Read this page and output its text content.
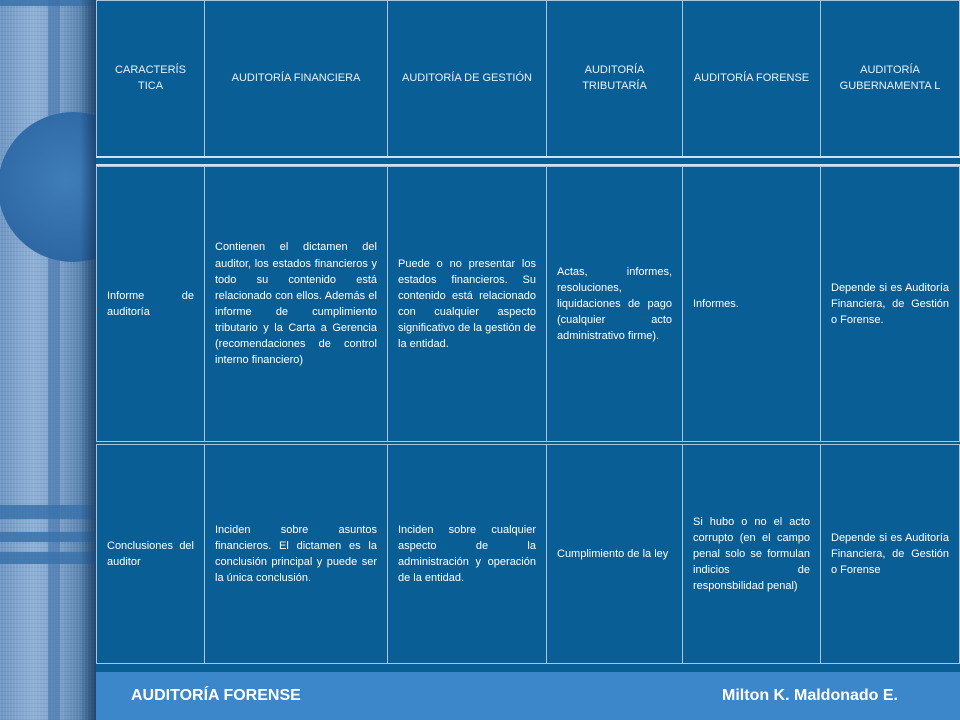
CARACTERÍS TICA
AUDITORÍA FINANCIERA	AUDITORÍA DE GESTIÓN
AUDITORÍA TRIBUTARÍA
AUDITORÍA FORENSE
AUDITORÍA GUBERNAMENTA L
Informe de auditoría
Contienen el dictamen del auditor, los estados financieros y todo su contenido está relacionado con ellos. Además el informe de cumplimiento tributario y la Carta a Gerencia (recomendaciones de control interno financiero)
Puede o no presentar los estados financieros. Su contenido está relacionado con cualquier aspecto significativo de la gestión de la entidad.
Actas, informes, resoluciones, liquidaciones de pago (cualquier acto administrativo firme).
Informes.
Depende si es Auditoría Financiera, de Gestión o Forense.
Conclusiones del auditor
Inciden sobre asuntos financieros. El dictamen es la conclusión principal y puede ser la única conclusión.
Inciden sobre cualquier aspecto de la administración y operación de la entidad.
Cumplimiento de la ley
Si hubo o no el acto corrupto (en el campo penal solo se formulan indicios de responsbilidad penal)
Depende si es Auditoría Financiera, de Gestión o Forense
AUDITORÍA FORENSE	Milton K. Maldonado E.
